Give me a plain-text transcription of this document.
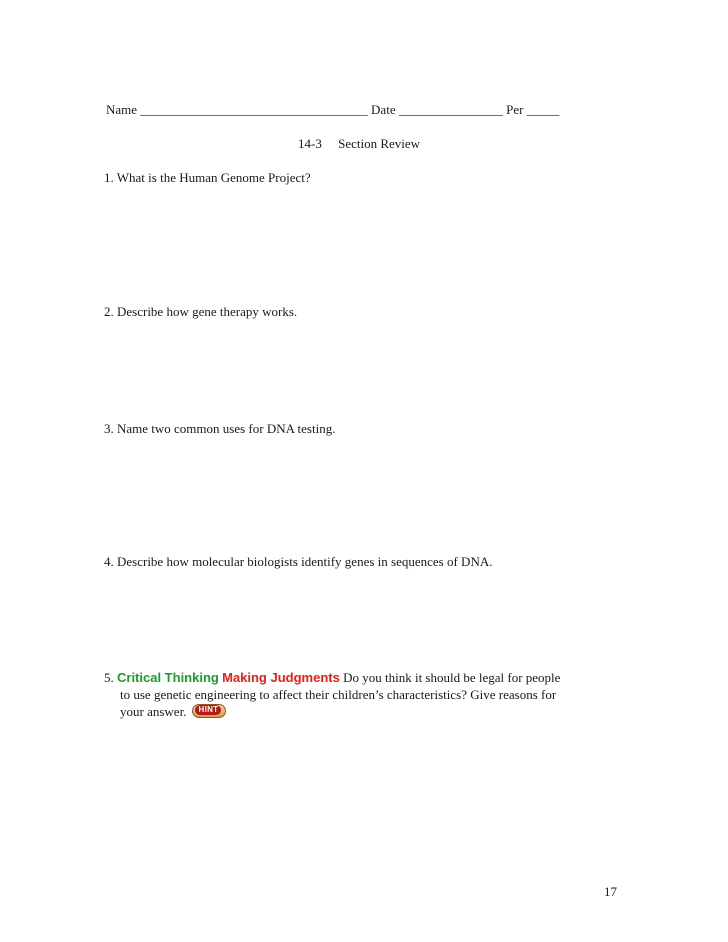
Name ___________________________________ Date ________________ Per _____
14-3 Section Review
1. What is the Human Genome Project?
2. Describe how gene therapy works.
3. Name two common uses for DNA testing.
4. Describe how molecular biologists identify genes in sequences of DNA.
5. Critical Thinking Making Judgments Do you think it should be legal for people
to use genetic engineering to affect their children’s characteristics? Give reasons for
your answer.	HINT
17
